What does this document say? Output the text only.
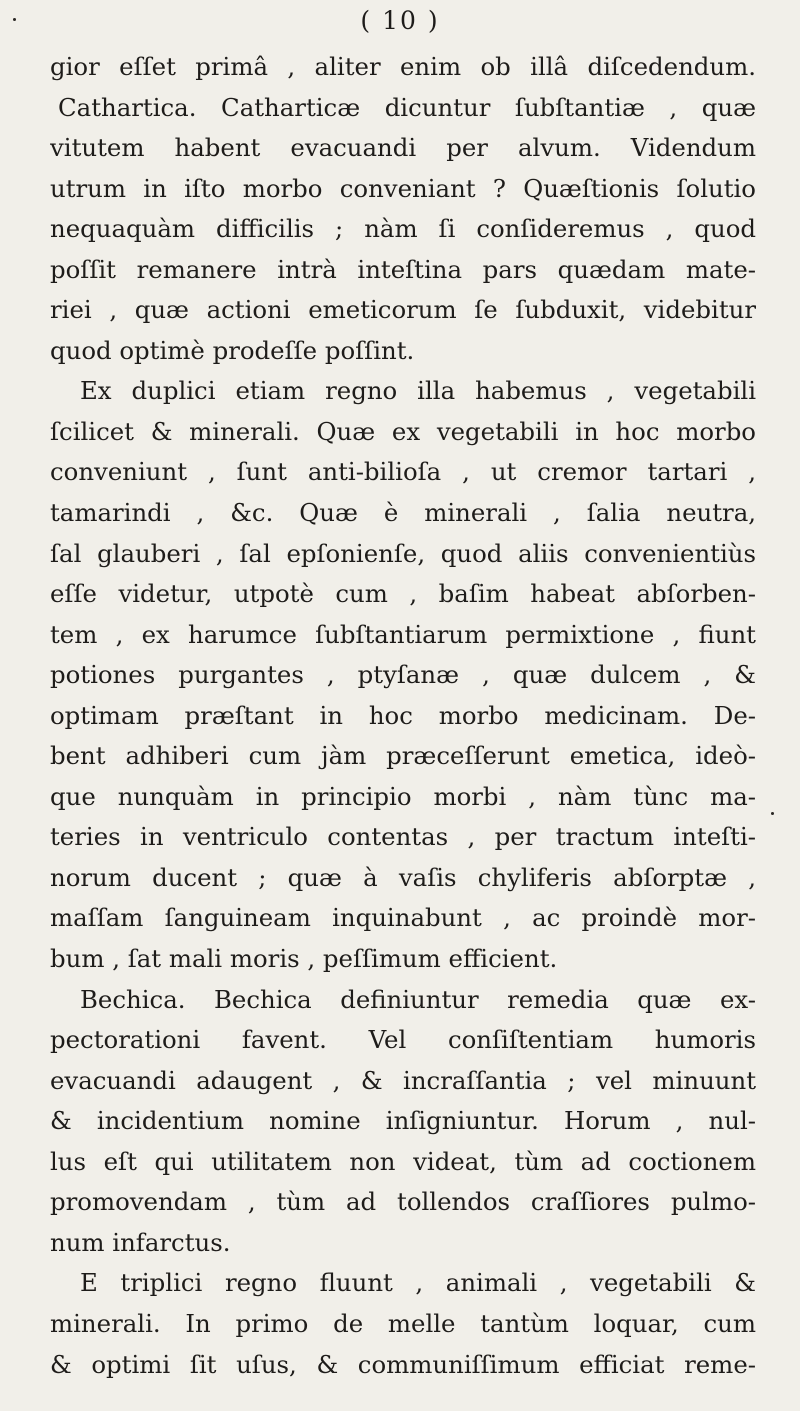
( 10 )

gior eſſet primâ , aliter enim ob illâ diſcedendum.
Cathartica. Catharticæ dicuntur ſubſtantiæ , quæ
vitutem habent evacuandi per alvum. Videndum
utrum in iſto morbo conveniant ? Quæſtionis ſolutio
nequaquàm difficilis ; nàm ſi conſideremus , quod
poſſit remanere intrà inteſtina pars quædam mate-
riei , quæ actioni emeticorum ſe ſubduxit, videbitur
quod optimè prodeſſe poſſint.
Ex duplici etiam regno illa habemus , vegetabili
ſcilicet & minerali. Quæ ex vegetabili in hoc morbo
conveniunt , ſunt anti-bilioſa , ut cremor tartari ,
tamarindi , &c. Quæ è minerali , ſalia neutra,
ſal glauberi , ſal epſonienſe, quod aliis convenientiùs
eſſe videtur, utpotè cum , baſim habeat abſorben-
tem , ex harumce ſubſtantiarum permixtione , fiunt
potiones purgantes , ptyſanæ , quæ dulcem , &
optimam præſtant in hoc morbo medicinam. De-
bent adhiberi cum jàm præceſſerunt emetica, ideò-
que nunquàm in principio morbi , nàm tùnc ma-
teries in ventriculo contentas , per tractum inteſti-
norum ducent ; quæ à vaſis chyliferis abſorptæ ,
maſſam ſanguineam inquinabunt , ac proindè mor-
bum , ſat mali moris , peſſimum efficient.
Bechica. Bechica definiuntur remedia quæ ex-
pectorationi favent. Vel conſiſtentiam humoris
evacuandi adaugent , & incraſſantia ; vel minuunt
& incidentium nomine inſigniuntur. Horum , nul-
lus eſt qui utilitatem non videat, tùm ad coctionem
promovendam , tùm ad tollendos craſſiores pulmo-
num infarctus.
E triplici regno fluunt , animali , vegetabili &
minerali. In primo de melle tantùm loquar, cum
& optimi ſit uſus, & communiſſimum efficiat reme-
